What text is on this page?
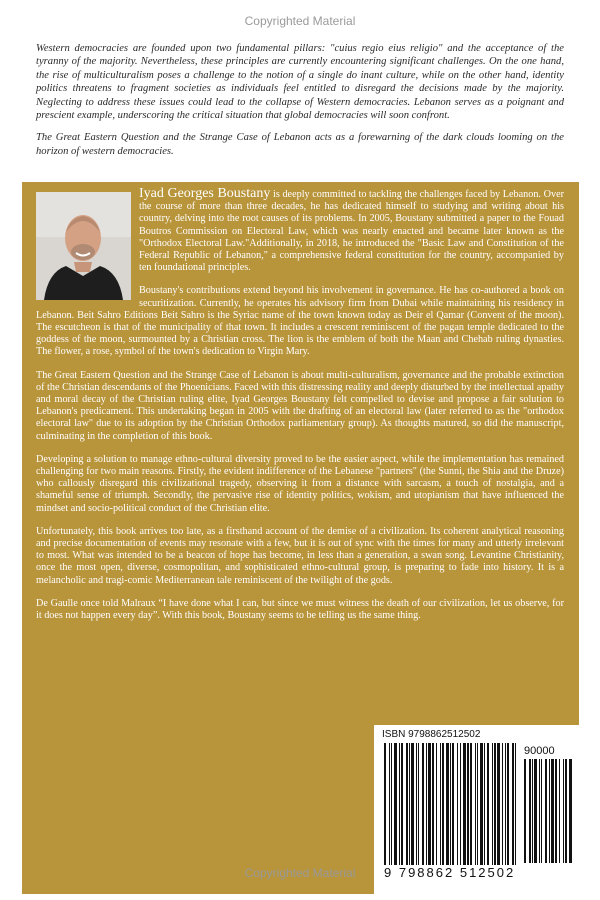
Copyrighted Material

Western democracies are founded upon two fundamental pillars: "cuius regio eius religio" and the acceptance of the tyranny of the majority. Nevertheless, these principles are currently encountering significant challenges. On the one hand, the rise of multiculturalism poses a challenge to the notion of a single do inant culture, while on the other hand, identity politics threatens to fragment societies as individuals feel entitled to disregard the decisions made by the majority. Neglecting to address these issues could lead to the collapse of Western democracies. Lebanon serves as a poignant and prescient example, underscoring the critical situation that global democracies will soon confront.

The Great Eastern Question and the Strange Case of Lebanon acts as a forewarning of the dark clouds looming on the horizon of western democracies.

Iyad Georges Boustany is deeply committed to tackling the challenges faced by Lebanon. Over the course of more than three decades, he has dedicated himself to studying and writing about his country, delving into the root causes of its problems. In 2005, Boustany submitted a paper to the Fouad Boutros Commission on Electoral Law, which was nearly enacted and became later known as the "Orthodox Electoral Law."Additionally, in 2018, he introduced the "Basic Law and Constitution of the Federal Republic of Lebanon," a comprehensive federal constitution for the country, accompanied by ten foundational principles.

Boustany's contributions extend beyond his involvement in governance. He has co-authored a book on securitization. Currently, he operates his advisory firm from Dubai while maintaining his residency in Lebanon. Beit Sahro Editions Beit Sahro is the Syriac name of the town known today as Deir el Qamar (Convent of the moon). The escutcheon is that of the municipality of that town. It includes a crescent reminiscent of the pagan temple dedicated to the goddess of the moon, surmounted by a Christian cross. The lion is the emblem of both the Maan and Chehab ruling dynasties. The flower, a rose, symbol of the town's dedication to Virgin Mary.

The Great Eastern Question and the Strange Case of Lebanon is about multi-culturalism, governance and the probable extinction of the Christian descendants of the Phoenicians. Faced with this distressing reality and deeply disturbed by the intellectual apathy and moral decay of the Christian ruling elite, Iyad Georges Boustany felt compelled to devise and propose a fair solution to Lebanon's predicament. This undertaking began in 2005 with the drafting of an electoral law (later referred to as the "orthodox electoral law" due to its adoption by the Christian Orthodox parliamentary group). As thoughts matured, so did the manuscript, culminating in the completion of this book.

Developing a solution to manage ethno-cultural diversity proved to be the easier aspect, while the implementation has remained challenging for two main reasons. Firstly, the evident indifference of the Lebanese "partners" (the Sunni, the Shia and the Druze) who callously disregard this civilizational tragedy, observing it from a distance with sarcasm, a touch of nostalgia, and a shameful sense of triumph. Secondly, the pervasive rise of identity politics, wokism, and utopianism that have influenced the mindset and socio-political conduct of the Christian elite.

Unfortunately, this book arrives too late, as a firsthand account of the demise of a civilization. Its coherent analytical reasoning and precise documentation of events may resonate with a few, but it is out of sync with the times for many and utterly irrelevant to most. What was intended to be a beacon of hope has become, in less than a generation, a swan song. Levantine Christianity, once the most open, diverse, cosmopolitan, and sophisticated ethno-cultural group, is preparing to fade into history. It is a melancholic and tragi-comic Mediterranean tale reminiscent of the twilight of the gods.

De Gaulle once told Malraux “I have done what I can, but since we must witness the death of our civilization, let us observe, for it does not happen every day”. With this book, Boustany seems to be telling us the same thing.

ISBN 9798862512502
90000
9 798862 512502
Copyrighted Material
